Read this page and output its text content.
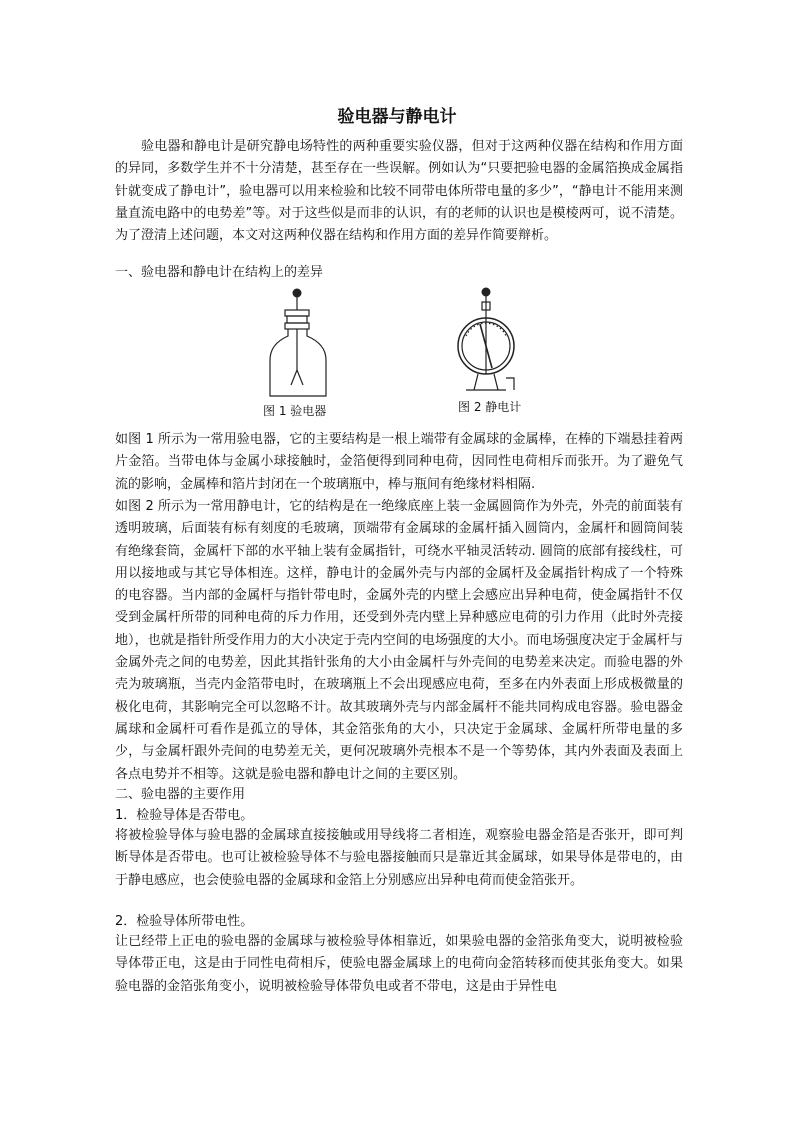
验电器与静电计

验电器和静电计是研究静电场特性的两种重要实验仪器，但对于这两种仪器在结构和作用方面的异同，多数学生并不十分清楚，甚至存在一些误解。例如认为“只要把验电器的金属箔换成金属指针就变成了静电计”，验电器可以用来检验和比较不同带电体所带电量的多少”，“静电计不能用来测量直流电路中的电势差”等。对于这些似是而非的认识，有的老师的认识也是模棱两可，说不清楚。为了澄清上述问题，本文对这两种仪器在结构和作用方面的差异作简要辩析。

一、验电器和静电计在结构上的差异
图 1 验电器	图 2 静电计

如图 1 所示为一常用验电器，它的主要结构是一根上端带有金属球的金属棒，在棒的下端悬挂着两片金箔。当带电体与金属小球接触时，金箔便得到同种电荷，因同性电荷相斥而张开。为了避免气流的影响，金属棒和箔片封闭在一个玻璃瓶中，棒与瓶间有绝缘材料相隔.

如图 2 所示为一常用静电计，它的结构是在一绝缘底座上装一金属圆筒作为外壳，外壳的前面装有透明玻璃，后面装有标有刻度的毛玻璃，顶端带有金属球的金属杆插入圆筒内，金属杆和圆筒间装有绝缘套筒，金属杆下部的水平轴上装有金属指针，可绕水平轴灵活转动. 圆筒的底部有接线柱，可用以接地或与其它导体相连。这样，静电计的金属外壳与内部的金属杆及金属指针构成了一个特殊的电容器。当内部的金属杆与指针带电时，金属外壳的内壁上会感应出异种电荷，使金属指针不仅受到金属杆所带的同种电荷的斥力作用，还受到外壳内壁上异种感应电荷的引力作用（此时外壳接地），也就是指针所受作用力的大小决定于壳内空间的电场强度的大小。而电场强度决定于金属杆与金属外壳之间的电势差，因此其指针张角的大小由金属杆与外壳间的电势差来决定。而验电器的外壳为玻璃瓶，当壳内金箔带电时，在玻璃瓶上不会出现感应电荷，至多在内外表面上形成极微量的极化电荷，其影响完全可以忽略不计。故其玻璃外壳与内部金属杆不能共同构成电容器。验电器金属球和金属杆可看作是孤立的导体，其金箔张角的大小，只决定于金属球、金属杆所带电量的多少，与金属杆跟外壳间的电势差无关，更何况玻璃外壳根本不是一个等势体，其内外表面及表面上各点电势并不相等。这就是验电器和静电计之间的主要区别。

二、验电器的主要作用
1．检验导体是否带电。

将被检验导体与验电器的金属球直接接触或用导线将二者相连，观察验电器金箔是否张开，即可判断导体是否带电。也可让被检验导体不与验电器接触而只是靠近其金属球，如果导体是带电的，由于静电感应，也会使验电器的金属球和金箔上分别感应出异种电荷而使金箔张开。

2．检验导体所带电性。

让已经带上正电的验电器的金属球与被检验导体相靠近，如果验电器的金箔张角变大，说明被检验导体带正电，这是由于同性电荷相斥，使验电器金属球上的电荷向金箔转移而使其张角变大。如果验电器的金箔张角变小，说明被检验导体带负电或者不带电，这是由于异性电
